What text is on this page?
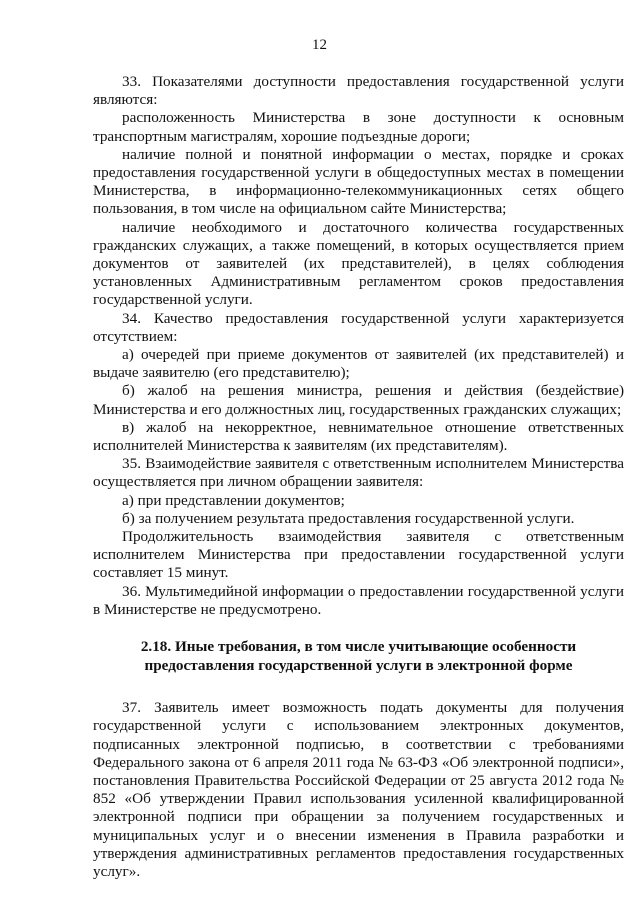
12

33. Показателями доступности предоставления государственной услуги являются:

расположенность Министерства в зоне доступности к основным транспортным магистралям, хорошие подъездные дороги;

наличие полной и понятной информации о местах, порядке и сроках предоставления государственной услуги в общедоступных местах в помещении Министерства, в информационно-телекоммуникационных сетях общего пользования, в том числе на официальном сайте Министерства;

наличие необходимого и достаточного количества государственных гражданских служащих, а также помещений, в которых осуществляется прием документов от заявителей (их представителей), в целях соблюдения установленных Административным регламентом сроков предоставления государственной услуги.

34. Качество предоставления государственной услуги характеризуется отсутствием:

а) очередей при приеме документов от заявителей (их представителей) и выдаче заявителю (его представителю);

б) жалоб на решения министра, решения и действия (бездействие) Министерства и его должностных лиц, государственных гражданских служащих;

в) жалоб на некорректное, невнимательное отношение ответственных исполнителей Министерства к заявителям (их представителям).

35. Взаимодействие заявителя с ответственным исполнителем Министерства осуществляется при личном обращении заявителя:

а) при представлении документов;

б) за получением результата предоставления государственной услуги.

Продолжительность взаимодействия заявителя с ответственным исполнителем Министерства при предоставлении государственной услуги составляет 15 минут.

36. Мультимедийной информации о предоставлении государственной услуги в Министерстве не предусмотрено.

2.18. Иные требования, в том числе учитывающие особенности
предоставления государственной услуги в электронной форме

37. Заявитель имеет возможность подать документы для получения государственной услуги с использованием электронных документов, подписанных электронной подписью, в соответствии с требованиями Федерального закона от 6 апреля 2011 года № 63-ФЗ «Об электронной подписи», постановления Правительства Российской Федерации от 25 августа 2012 года № 852 «Об утверждении Правил использования усиленной квалифицированной электронной подписи при обращении за получением государственных и муниципальных услуг и о внесении изменения в Правила разработки и утверждения административных регламентов предоставления государственных услуг».
